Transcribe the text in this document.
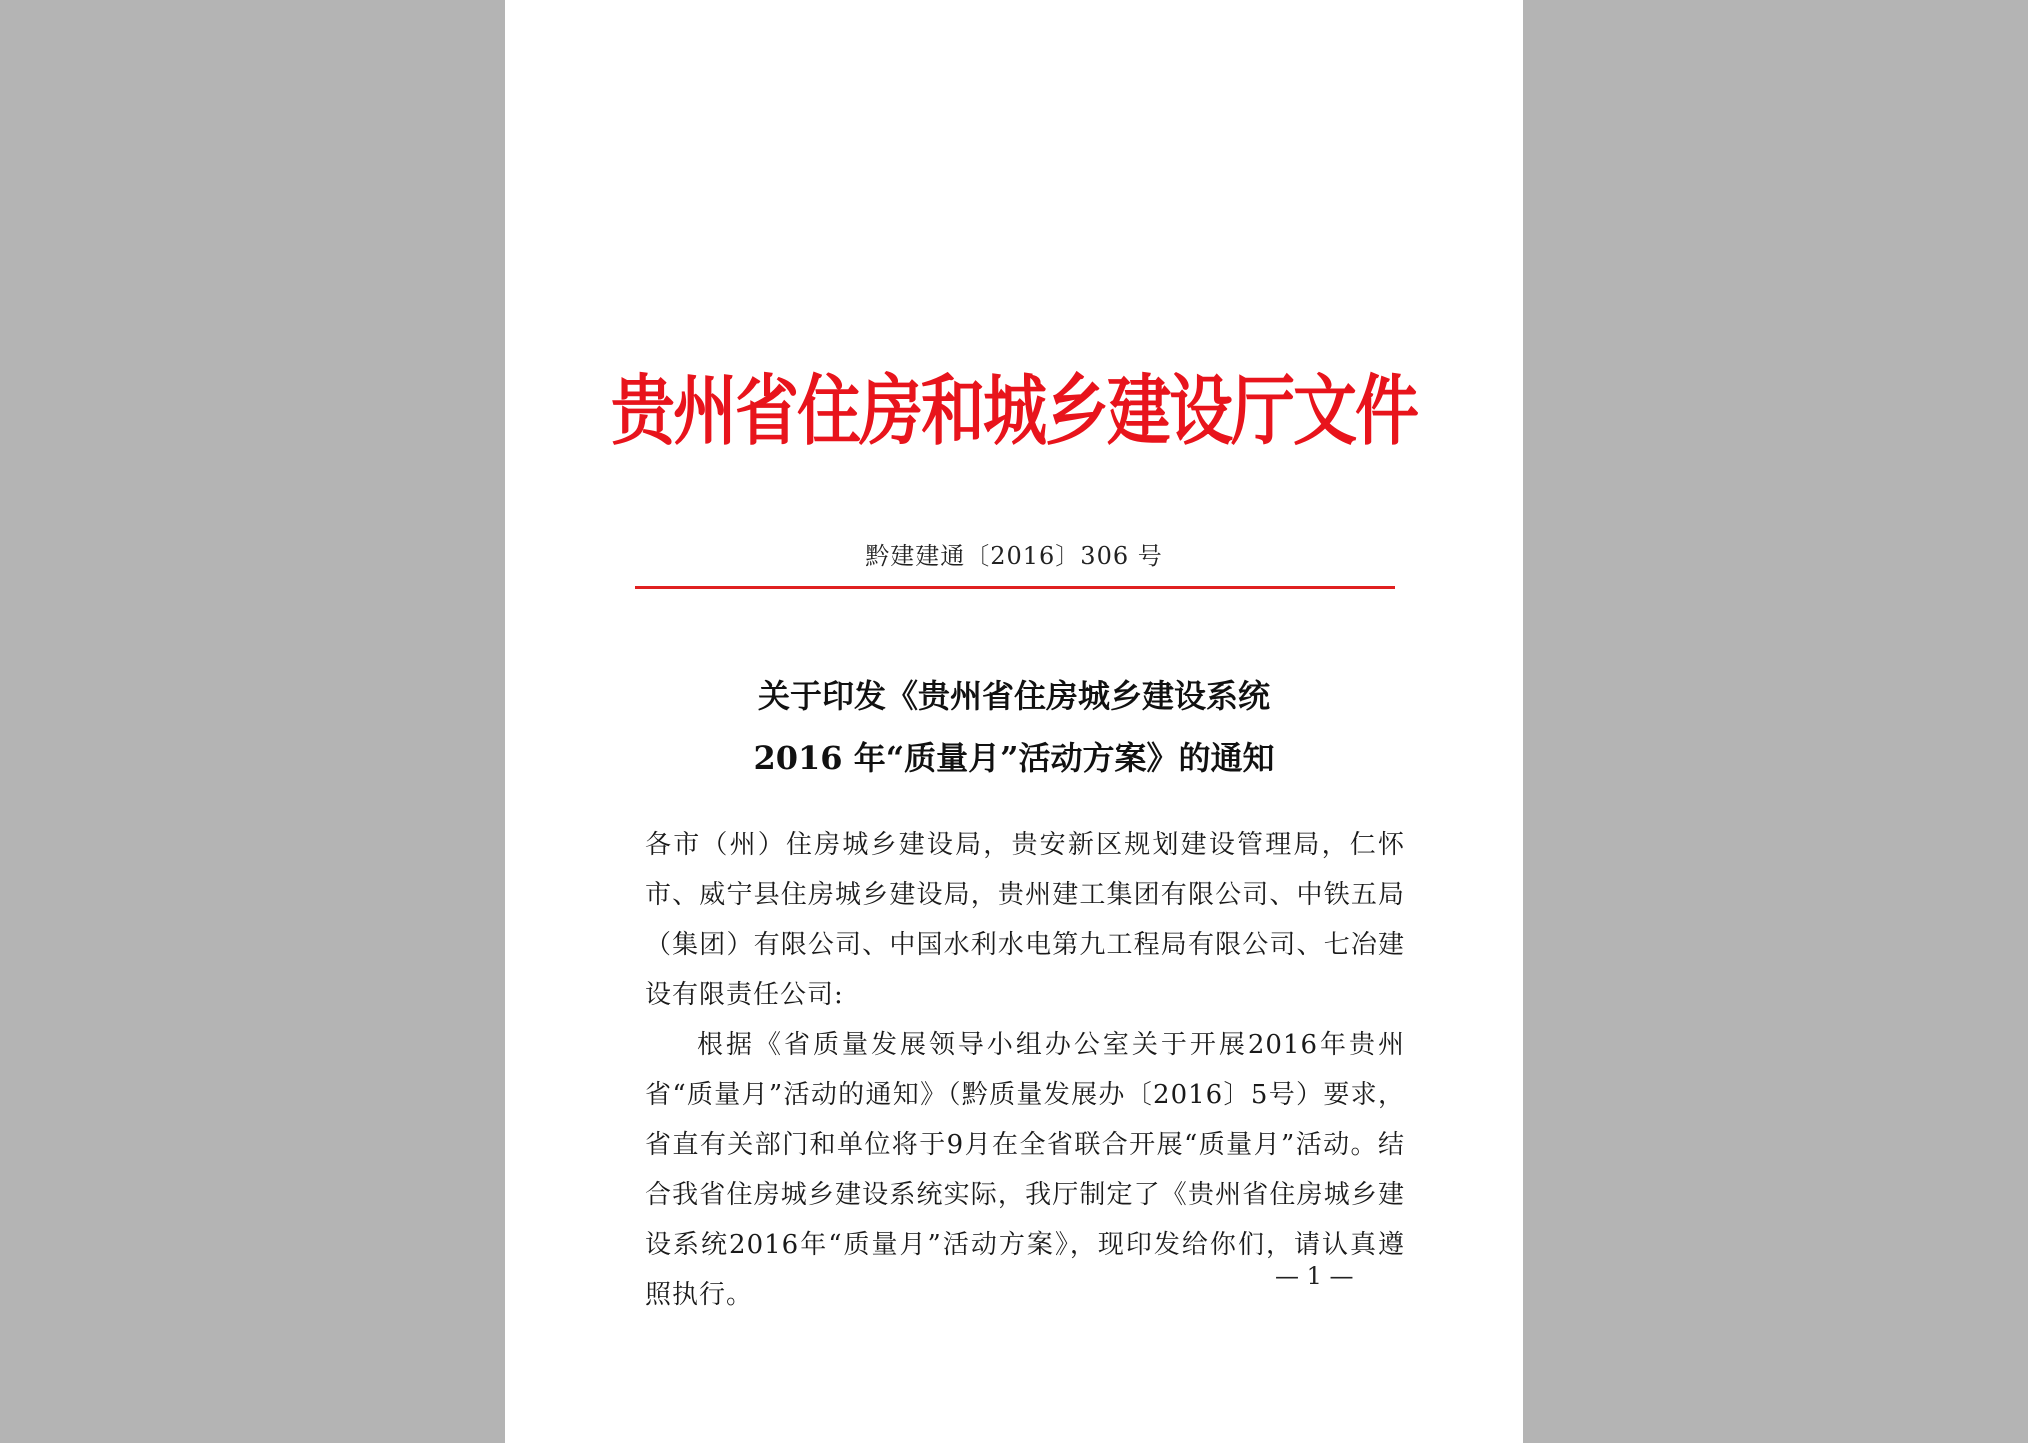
贵州省住房和城乡建设厅文件
黔建建通〔2016〕306 号
关于印发《贵州省住房城乡建设系统
2016 年“质量月”活动方案》的通知

各市（州）住房城乡建设局，贵安新区规划建设管理局，仁怀市、威宁县住房城乡建设局，贵州建工集团有限公司、中铁五局（集团）有限公司、中国水利水电第九工程局有限公司、七冶建设有限责任公司:

根据《省质量发展领导小组办公室关于开展2016年贵州省“质量月”活动的通知》（黔质量发展办〔2016〕5号）要求，省直有关部门和单位将于9月在全省联合开展“质量月”活动。结合我省住房城乡建设系统实际，我厅制定了《贵州省住房城乡建设系统2016年“质量月”活动方案》，现印发给你们，请认真遵照执行。

— 1 —
